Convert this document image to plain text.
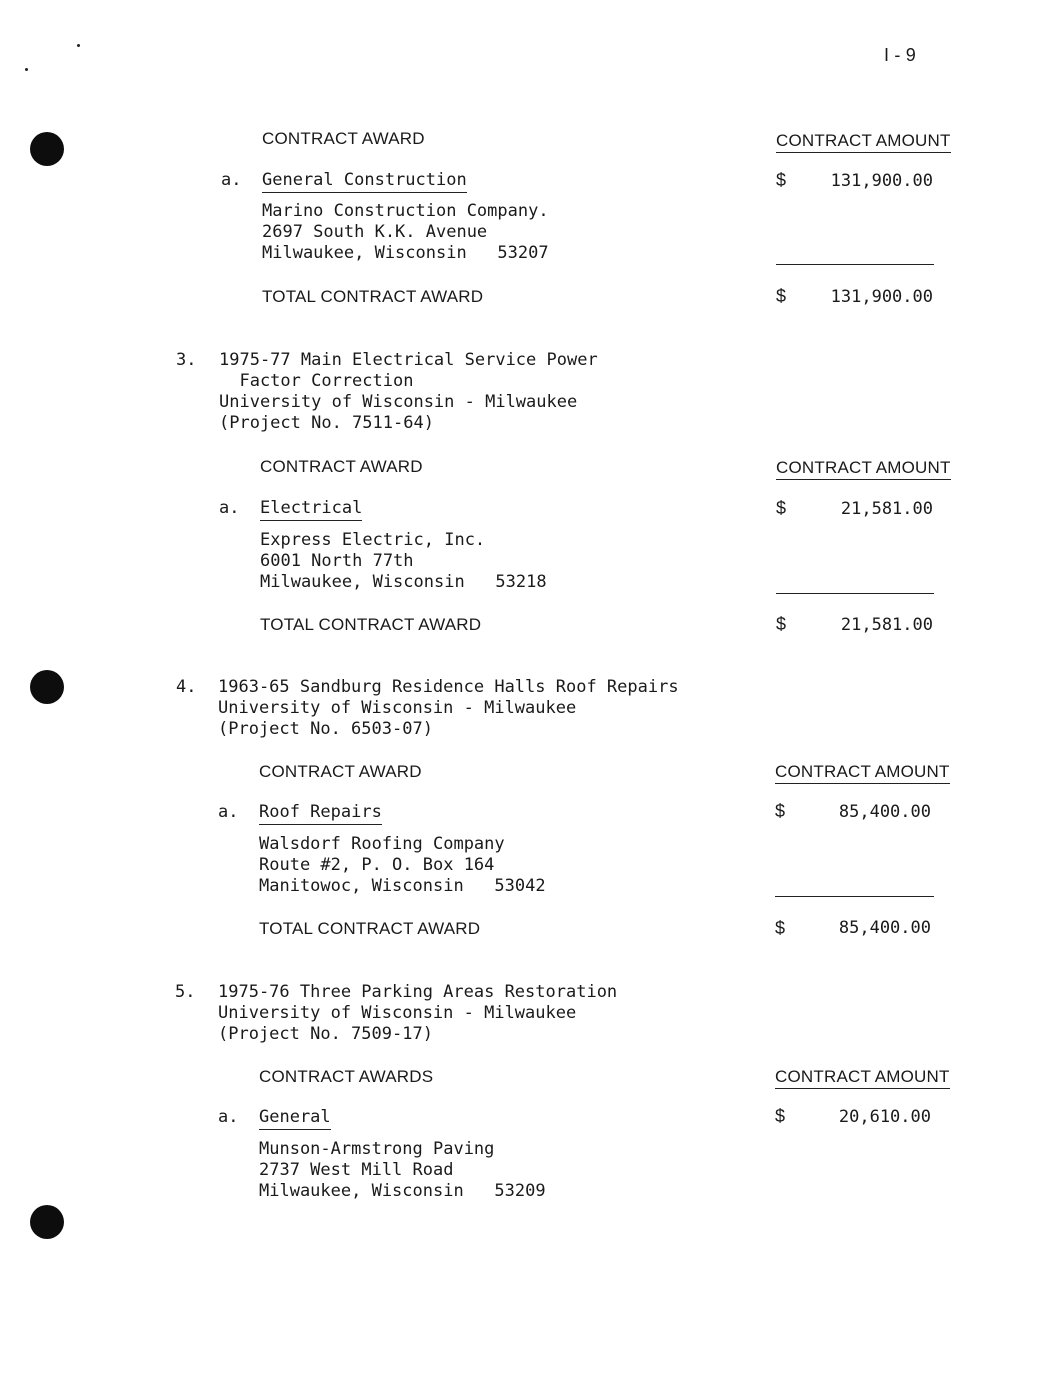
I - 9
CONTRACT AWARD	CONTRACT AMOUNT
a. General Construction	$	131,900.00
Marino Construction Company.
2697 South K.K. Avenue
Milwaukee, Wisconsin   53207
TOTAL CONTRACT AWARD	$	131,900.00
3. 1975-77 Main Electrical Service Power
Factor Correction
University of Wisconsin - Milwaukee
(Project No. 7511-64)
CONTRACT AWARD	CONTRACT AMOUNT
a. Electrical	$	21,581.00
Express Electric, Inc.
6001 North 77th
Milwaukee, Wisconsin   53218
TOTAL CONTRACT AWARD	$	21,581.00
4. 1963-65 Sandburg Residence Halls Roof Repairs
University of Wisconsin - Milwaukee
(Project No. 6503-07)
CONTRACT AWARD	CONTRACT AMOUNT
a. Roof Repairs	$	85,400.00
Walsdorf Roofing Company
Route #2, P. O. Box 164
Manitowoc, Wisconsin   53042
TOTAL CONTRACT AWARD	$	85,400.00
5. 1975-76 Three Parking Areas Restoration
University of Wisconsin - Milwaukee
(Project No. 7509-17)
CONTRACT AWARDS	CONTRACT AMOUNT
a. General	$	20,610.00
Munson-Armstrong Paving
2737 West Mill Road
Milwaukee, Wisconsin   53209
